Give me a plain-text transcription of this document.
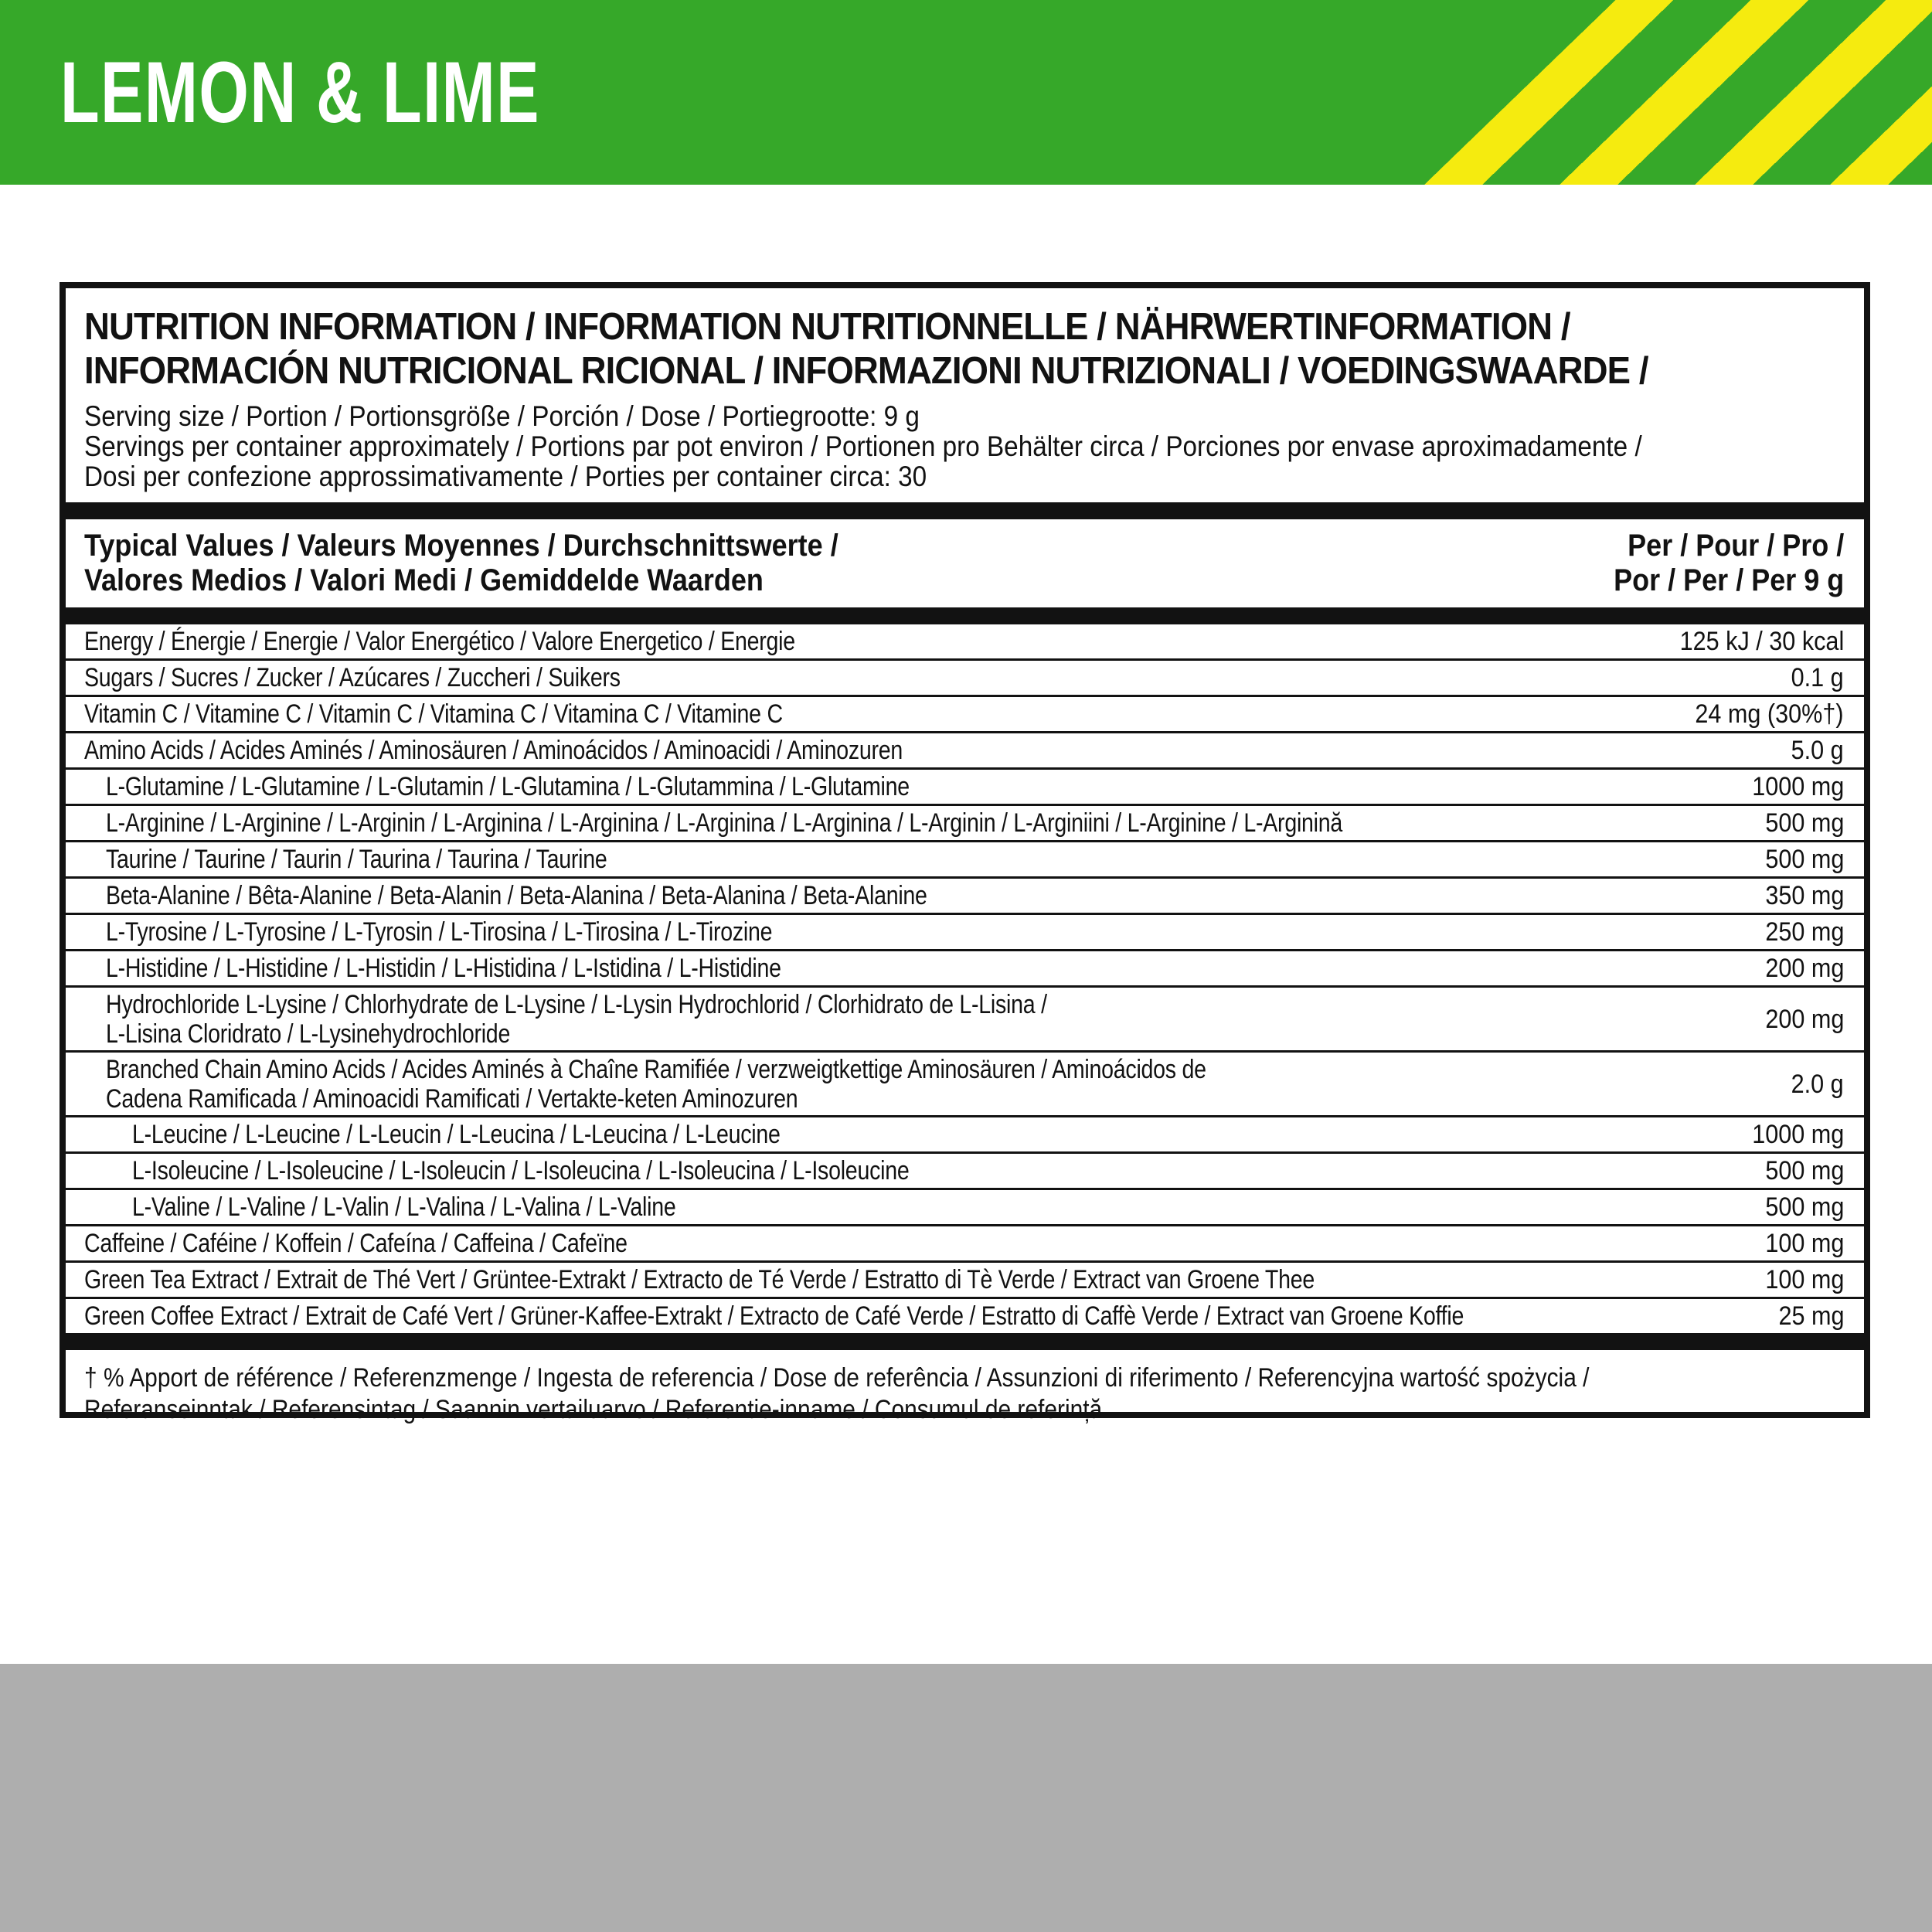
LEMON & LIME
NUTRITION INFORMATION / INFORMATION NUTRITIONNELLE / NÄHRWERTINFORMATION /
INFORMACIÓN NUTRICIONAL RICIONAL / INFORMAZIONI NUTRIZIONALI / VOEDINGSWAARDE /
Serving size / Portion / Portionsgröße / Porción / Dose / Portiegrootte: 9 g
Servings per container approximately / Portions par pot environ / Portionen pro Behälter circa / Porciones por envase aproximadamente /
Dosi per confezione approssimativamente / Porties per container circa: 30
Typical Values / Valeurs Moyennes / Durchschnittswerte /
Valores Medios / Valori Medi / Gemiddelde Waarden
Per / Pour / Pro /
Por / Per / Per 9 g
Energy / Énergie / Energie / Valor Energético / Valore Energetico / Energie	125 kJ / 30 kcal
Sugars / Sucres / Zucker / Azúcares / Zuccheri / Suikers	0.1 g
Vitamin C / Vitamine C / Vitamin C / Vitamina C / Vitamina C / Vitamine C	24 mg (30%†)
Amino Acids / Acides Aminés / Aminosäuren / Aminoácidos / Aminoacidi / Aminozuren	5.0 g
L-Glutamine / L-Glutamine / L-Glutamin / L-Glutamina / L-Glutammina / L-Glutamine	1000 mg
L-Arginine / L-Arginine / L-Arginin / L-Arginina / L-Arginina / L-Arginina / L-Arginina / L-Arginin / L-Arginiini / L-Arginine / L-Arginină	500 mg
Taurine / Taurine / Taurin / Taurina / Taurina / Taurine	500 mg
Beta-Alanine / Bêta-Alanine / Beta-Alanin / Beta-Alanina / Beta-Alanina / Beta-Alanine	350 mg
L-Tyrosine / L-Tyrosine / L-Tyrosin / L-Tirosina / L-Tirosina / L-Tirozine	250 mg
L-Histidine / L-Histidine / L-Histidin / L-Histidina / L-Istidina / L-Histidine	200 mg
Hydrochloride L-Lysine / Chlorhydrate de L-Lysine / L-Lysin Hydrochlorid / Clorhidrato de L-Lisina /
L-Lisina Cloridrato / L-Lysinehydrochloride	200 mg
Branched Chain Amino Acids / Acides Aminés à Chaîne Ramifiée / verzweigtkettige Aminosäuren / Aminoácidos de
Cadena Ramificada / Aminoacidi Ramificati / Vertakte-keten Aminozuren	2.0 g
L-Leucine / L-Leucine / L-Leucin / L-Leucina / L-Leucina / L-Leucine	1000 mg
L-Isoleucine / L-Isoleucine / L-Isoleucin / L-Isoleucina / L-Isoleucina / L-Isoleucine	500 mg
L-Valine / L-Valine / L-Valin / L-Valina / L-Valina / L-Valine	500 mg
Caffeine / Caféine / Koffein / Cafeína / Caffeina / Cafeïne	100 mg
Green Tea Extract / Extrait de Thé Vert / Grüntee-Extrakt / Extracto de Té Verde / Estratto di Tè Verde / Extract van Groene Thee	100 mg
Green Coffee Extract / Extrait de Café Vert / Grüner-Kaffee-Extrakt / Extracto de Café Verde / Estratto di Caffè Verde / Extract van Groene Koffie	25 mg
† % Apport de référence / Referenzmenge / Ingesta de referencia / Dose de referência / Assunzioni di riferimento / Referencyjna wartość spożycia /
Referanseinntak / Referensintag / Saannin vertailuarvo / Referentie-inname / Consumul de referință
